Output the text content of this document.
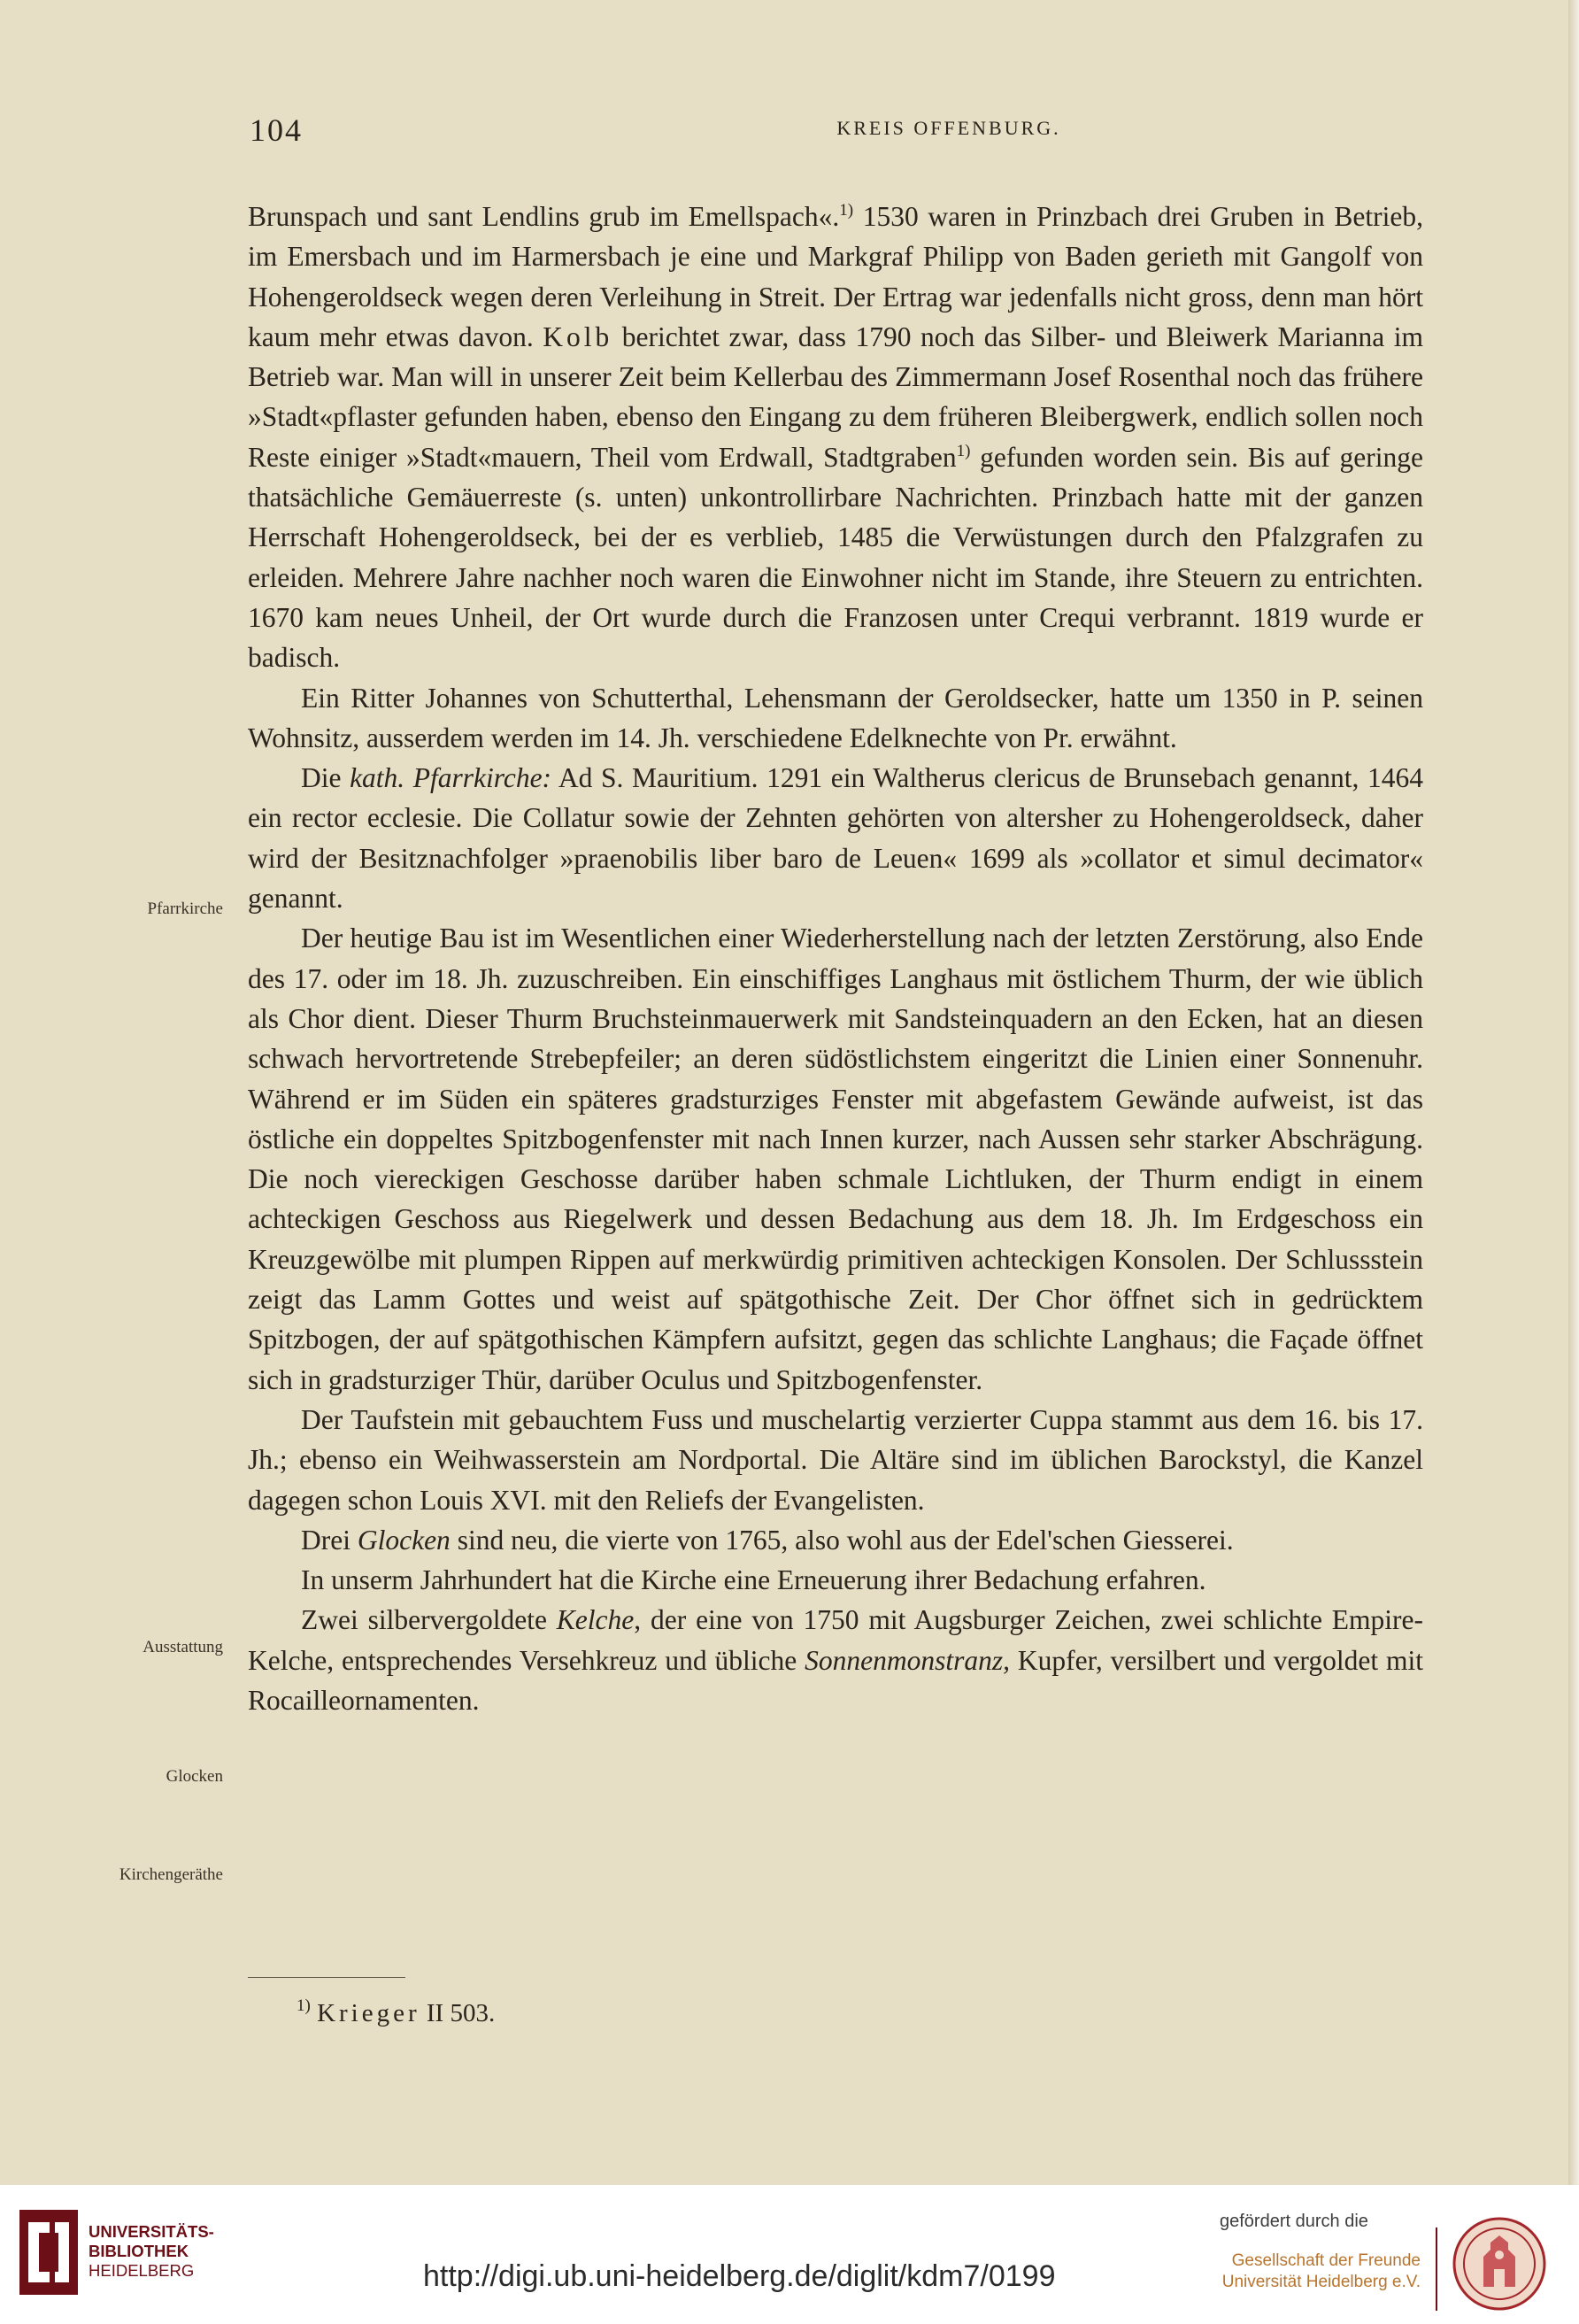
104	KREIS OFFENBURG.

Brunspach und sant Lendlins grub im Emellspach«.$^{1)}$ 1530 waren in Prinzbach drei Gruben in Betrieb, im Emersbach und im Harmersbach je eine und Markgraf Philipp von Baden gerieth mit Gangolf von Hohengeroldseck wegen deren Verleihung in Streit. Der Ertrag war jedenfalls nicht gross, denn man hört kaum mehr etwas davon. Kolb berichtet zwar, dass 1790 noch das Silber- und Bleiwerk Marianna im Betrieb war. Man will in unserer Zeit beim Kellerbau des Zimmermann Josef Rosenthal noch das frühere »Stadt«pflaster gefunden haben, ebenso den Eingang zu dem früheren Bleibergwerk, endlich sollen noch Reste einiger »Stadt«mauern, Theil vom Erdwall, Stadtgraben$^{1)}$ gefunden worden sein. Bis auf geringe thatsächliche Gemäuerreste (s. unten) unkontrollirbare Nachrichten. Prinzbach hatte mit der ganzen Herrschaft Hohengeroldseck, bei der es verblieb, 1485 die Verwüstungen durch den Pfalzgrafen zu erleiden. Mehrere Jahre nachher noch waren die Einwohner nicht im Stande, ihre Steuern zu entrichten. 1670 kam neues Unheil, der Ort wurde durch die Franzosen unter Crequi verbrannt. 1819 wurde er badisch.

Ein Ritter Johannes von Schutterthal, Lehensmann der Geroldsecker, hatte um 1350 in P. seinen Wohnsitz, ausserdem werden im 14. Jh. verschiedene Edelknechte von Pr. erwähnt.

Die kath. Pfarrkirche: Ad S. Mauritium. 1291 ein Waltherus clericus de Brunsebach genannt, 1464 ein rector ecclesie. Die Collatur sowie der Zehnten gehörten von altersher zu Hohengeroldseck, daher wird der Besitznachfolger »praenobilis liber baro de Leuen« 1699 als »collator et simul decimator« genannt.

Der heutige Bau ist im Wesentlichen einer Wiederherstellung nach der letzten Zerstörung, also Ende des 17. oder im 18. Jh. zuzuschreiben. Ein einschiffiges Langhaus mit östlichem Thurm, der wie üblich als Chor dient. Dieser Thurm Bruchsteinmauerwerk mit Sandsteinquadern an den Ecken, hat an diesen schwach hervortretende Strebepfeiler; an deren südöstlichstem eingeritzt die Linien einer Sonnenuhr. Während er im Süden ein späteres gradsturziges Fenster mit abgefastem Gewände aufweist, ist das östliche ein doppeltes Spitzbogenfenster mit nach Innen kurzer, nach Aussen sehr starker Abschrägung. Die noch viereckigen Geschosse darüber haben schmale Lichtluken, der Thurm endigt in einem achteckigen Geschoss aus Riegelwerk und dessen Bedachung aus dem 18. Jh. Im Erdgeschoss ein Kreuzgewölbe mit plumpen Rippen auf merkwürdig primitiven achteckigen Konsolen. Der Schlussstein zeigt das Lamm Gottes und weist auf spätgothische Zeit. Der Chor öffnet sich in gedrücktem Spitzbogen, der auf spätgothischen Kämpfern aufsitzt, gegen das schlichte Langhaus; die Façade öffnet sich in gradsturziger Thür, darüber Oculus und Spitzbogenfenster.

Der Taufstein mit gebauchtem Fuss und muschelartig verzierter Cuppa stammt aus dem 16. bis 17. Jh.; ebenso ein Weihwasserstein am Nordportal. Die Altäre sind im üblichen Barockstyl, die Kanzel dagegen schon Louis XVI. mit den Reliefs der Evangelisten.

Drei Glocken sind neu, die vierte von 1765, also wohl aus der Edel'schen Giesserei.

In unserm Jahrhundert hat die Kirche eine Erneuerung ihrer Bedachung erfahren.

Zwei silbervergoldete Kelche, der eine von 1750 mit Augsburger Zeichen, zwei schlichte Empire-Kelche, entsprechendes Versehkreuz und übliche Sonnenmonstranz, Kupfer, versilbert und vergoldet mit Rocailleornamenten.

Pfarrkirche
Ausstattung
Glocken
Kirchengeräthe
$^{1)}$ Krieger II 503.
UNIVERSITÄTS-
BIBLIOTHEK
HEIDELBERG	http://digi.ub.uni-heidelberg.de/diglit/kdm7/0199
gefördert durch die
Gesellschaft der Freunde
Universität Heidelberg e.V.
